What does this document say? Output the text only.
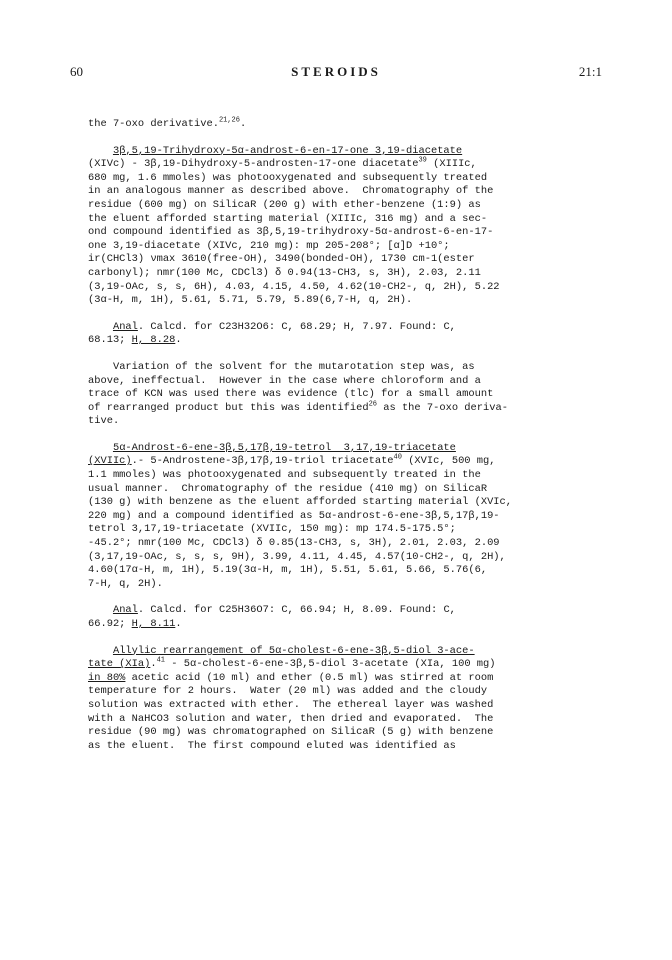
60	STEROIDS	21:1
the 7-oxo derivative.$^{21,26}$.
3β,5,19-Trihydroxy-5α-androst-6-en-17-one 3,19-diacetate
(XIVc) - 3β,19-Dihydroxy-5-androsten-17-one diacetate$^{39}$ (XIIIc,
680 mg, 1.6 mmoles) was photooxygenated and subsequently treated
in an analogous manner as described above.  Chromatography of the
residue (600 mg) on SilicaR (200 g) with ether-benzene (1:9) as
the eluent afforded starting material (XIIIc, 316 mg) and a sec-
ond compound identified as 3β,5,19-trihydroxy-5α-androst-6-en-17-
one 3,19-diacetate (XIVc, 210 mg): mp 205-208°; [α]D +10°;
ir(CHCl3) νmax 3610(free-OH), 3490(bonded-OH), 1730 cm-1(ester
carbonyl); nmr(100 Mc, CDCl3) δ 0.94(13-CH3, s, 3H), 2.03, 2.11
(3,19-OAc, s, s, 6H), 4.03, 4.15, 4.50, 4.62(10-CH2-, q, 2H), 5.22
(3α-H, m, 1H), 5.61, 5.71, 5.79, 5.89(6,7-H, q, 2H).
Anal. Calcd. for C23H32O6: C, 68.29; H, 7.97. Found: C,
68.13; H, 8.28.
Variation of the solvent for the mutarotation step was, as
above, ineffectual.  However in the case where chloroform and a
trace of KCN was used there was evidence (tlc) for a small amount
of rearranged product but this was identified$^{26}$ as the 7-oxo deriva-
tive.
5α-Androst-6-ene-3β,5,17β,19-tetrol  3,17,19-triacetate
(XVIIc).- 5-Androstene-3β,17β,19-triol triacetate$^{40}$ (XVIc, 500 mg,
1.1 mmoles) was photooxygenated and subsequently treated in the
usual manner.  Chromatography of the residue (410 mg) on SilicaR
(130 g) with benzene as the eluent afforded starting material (XVIc,
220 mg) and a compound identified as 5α-androst-6-ene-3β,5,17β,19-
tetrol 3,17,19-triacetate (XVIIc, 150 mg): mp 174.5-175.5°;
-45.2°; nmr(100 Mc, CDCl3) δ 0.85(13-CH3, s, 3H), 2.01, 2.03, 2.09
(3,17,19-OAc, s, s, s, 9H), 3.99, 4.11, 4.45, 4.57(10-CH2-, q, 2H),
4.60(17α-H, m, 1H), 5.19(3α-H, m, 1H), 5.51, 5.61, 5.66, 5.76(6,
7-H, q, 2H).
Anal. Calcd. for C25H36O7: C, 66.94; H, 8.09. Found: C,
66.92; H, 8.11.
Allylic rearrangement of 5α-cholest-6-ene-3β,5-diol 3-ace-
tate (XIa).$^{41}$ - 5α-cholest-6-ene-3β,5-diol 3-acetate (XIa, 100 mg)
in 80% acetic acid (10 ml) and ether (0.5 ml) was stirred at room
temperature for 2 hours.  Water (20 ml) was added and the cloudy
solution was extracted with ether.  The ethereal layer was washed
with a NaHCO3 solution and water, then dried and evaporated.  The
residue (90 mg) was chromatographed on SilicaR (5 g) with benzene
as the eluent.  The first compound eluted was identified as
